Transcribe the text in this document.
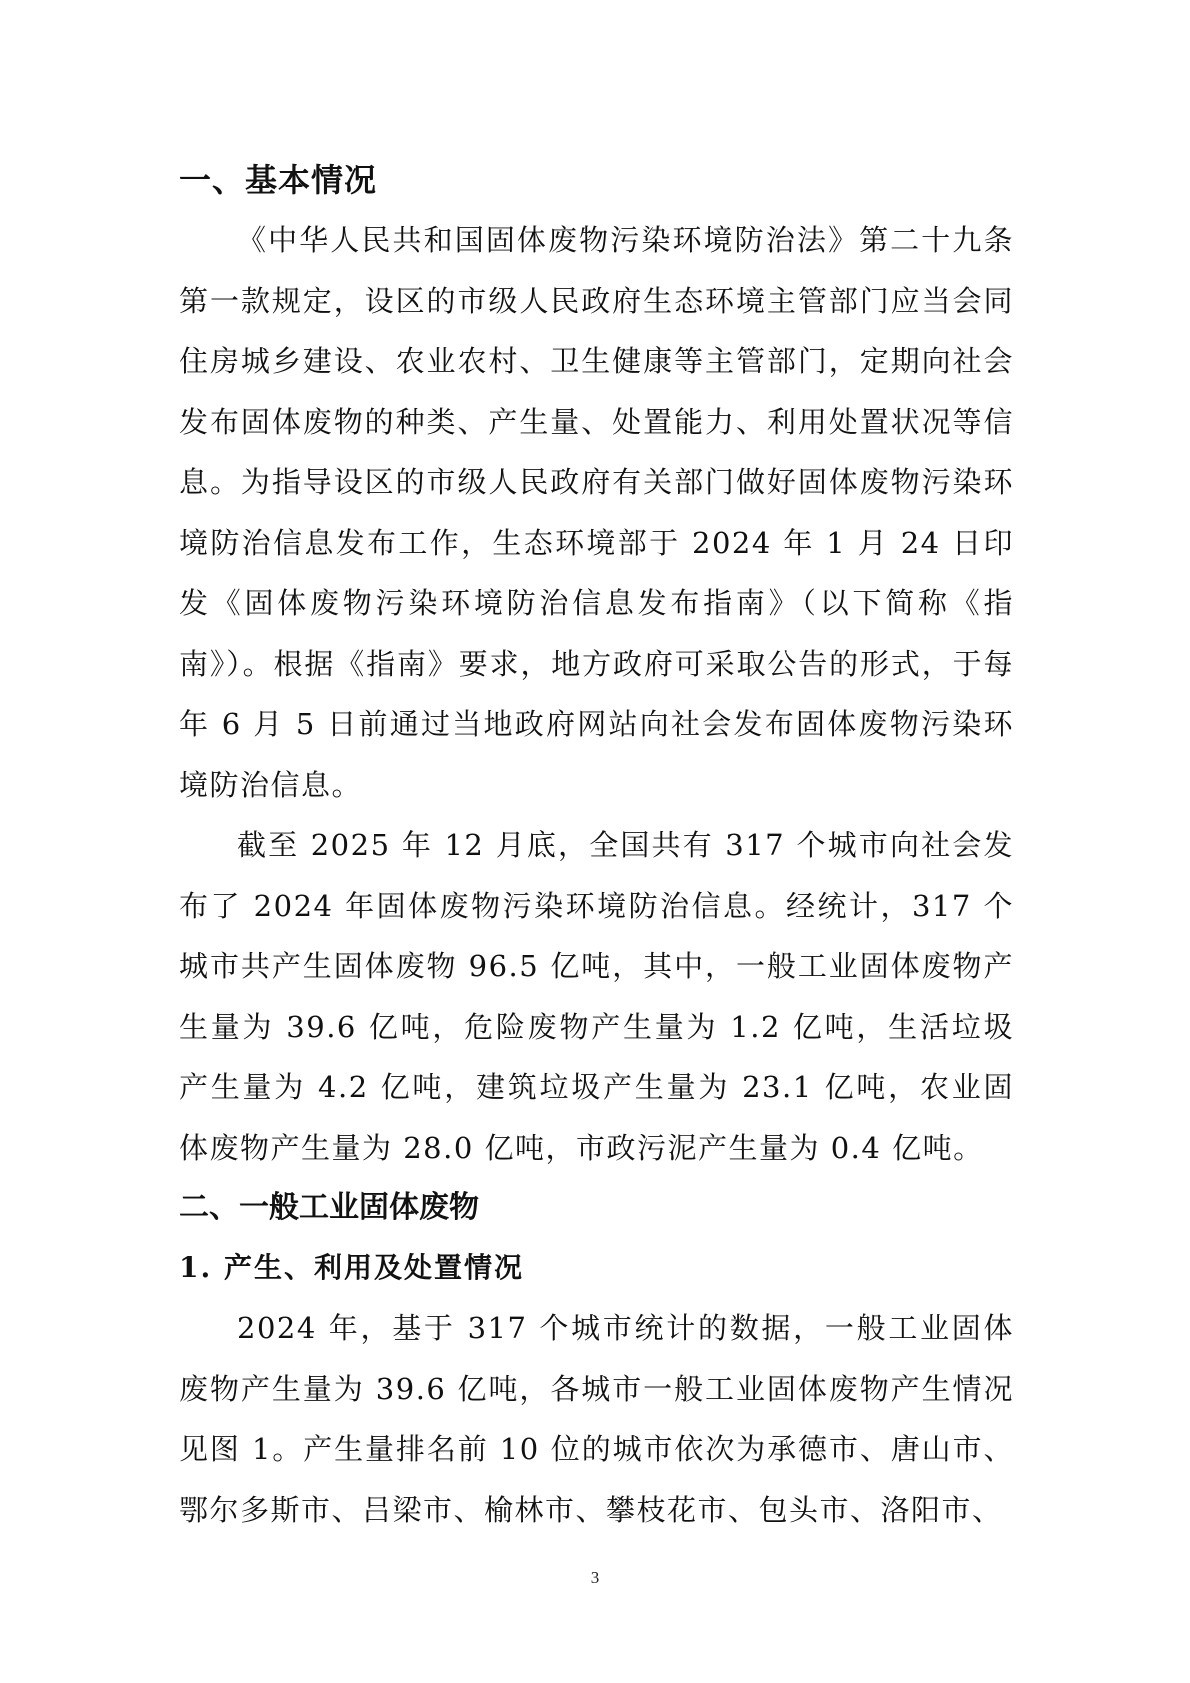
一、基本情况

《中华人民共和国固体废物污染环境防治法》第二十九条第一款规定，设区的市级人民政府生态环境主管部门应当会同住房城乡建设、农业农村、卫生健康等主管部门，定期向社会发布固体废物的种类、产生量、处置能力、利用处置状况等信息。为指导设区的市级人民政府有关部门做好固体废物污染环境防治信息发布工作，生态环境部于 2024 年 1 月 24 日印发《固体废物污染环境防治信息发布指南》（以下简称《指南》）。根据《指南》要求，地方政府可采取公告的形式，于每年 6 月 5 日前通过当地政府网站向社会发布固体废物污染环境防治信息。

截至 2025 年 12 月底，全国共有 317 个城市向社会发布了 2024 年固体废物污染环境防治信息。经统计，317 个城市共产生固体废物 96.5 亿吨，其中，一般工业固体废物产生量为 39.6 亿吨，危险废物产生量为 1.2 亿吨，生活垃圾产生量为 4.2 亿吨，建筑垃圾产生量为 23.1 亿吨，农业固体废物产生量为 28.0 亿吨，市政污泥产生量为 0.4 亿吨。

二、一般工业固体废物
1. 产生、利用及处置情况

2024 年，基于 317 个城市统计的数据，一般工业固体废物产生量为 39.6 亿吨，各城市一般工业固体废物产生情况见图 1。产生量排名前 10 位的城市依次为承德市、唐山市、鄂尔多斯市、吕梁市、榆林市、攀枝花市、包头市、洛阳市、

3
